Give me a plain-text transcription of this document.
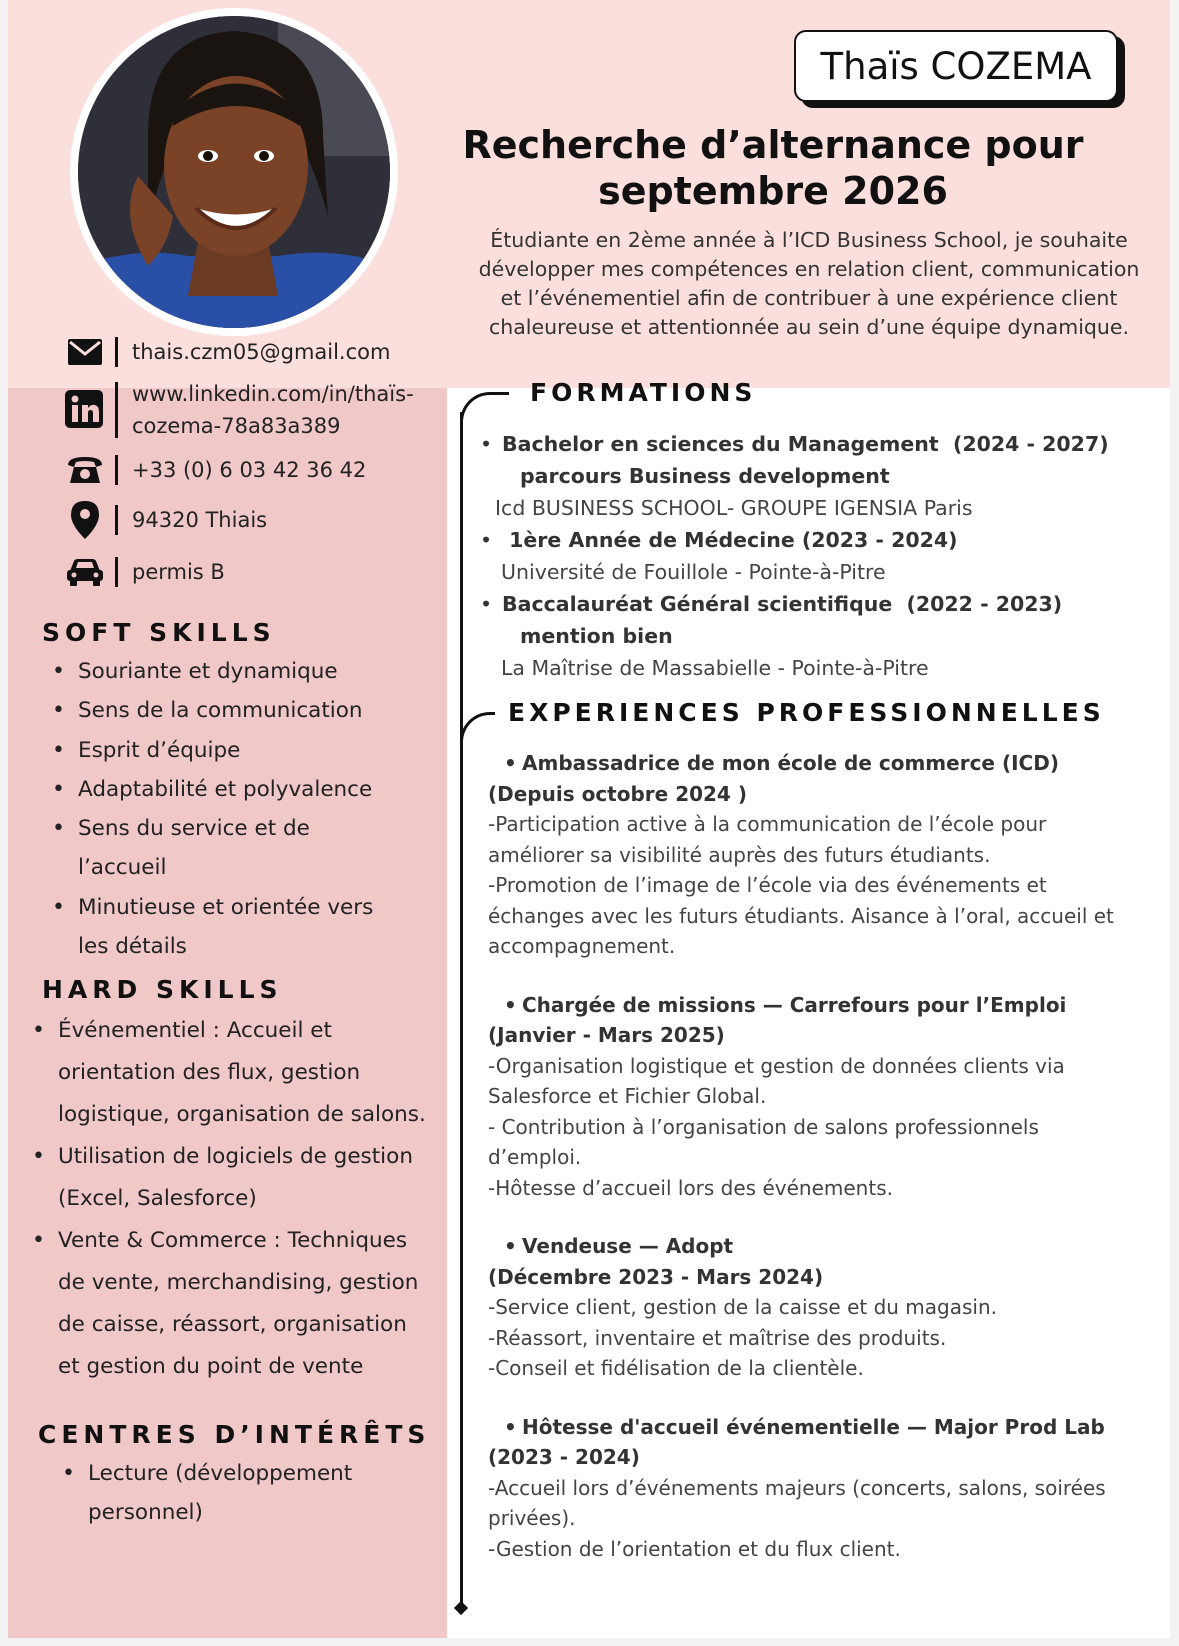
Thaïs COZEMA
Recherche d’alternance pour
septembre 2026
Étudiante en 2ème année à l’ICD Business School, je souhaite développer mes compétences en relation client, communication et l’événementiel afin de contribuer à une expérience client chaleureuse et attentionnée au sein d’une équipe dynamique.
thais.czm05@gmail.com
www.linkedin.com/in/thaïs-
cozema-78a83a389
+33 (0) 6 03 42 36 42
94320 Thiais
permis B
SOFT SKILLS
• Souriante et dynamique
• Sens de la communication
• Esprit d’équipe
• Adaptabilité et polyvalence
• Sens du service et de
l’accueil
• Minutieuse et orientée vers
les détails
HARD SKILLS
• Événementiel : Accueil et
orientation des flux, gestion
logistique, organisation de salons.
• Utilisation de logiciels de gestion
(Excel, Salesforce)
• Vente & Commerce : Techniques
de vente, merchandising, gestion
de caisse, réassort, organisation
et gestion du point de vente
CENTRES D’INTÉRÊTS
• Lecture (développement
personnel)
FORMATIONS
• Bachelor en sciences du Management  (2024 - 2027)
parcours Business development
Icd BUSINESS SCHOOL- GROUPE IGENSIA Paris
• 1ère Année de Médecine (2023 - 2024)
Université de Fouillole - Pointe-à-Pitre
• Baccalauréat Général scientifique  (2022 - 2023)
mention bien
La Maîtrise de Massabielle - Pointe-à-Pitre
EXPERIENCES PROFESSIONNELLES
• Ambassadrice de mon école de commerce (ICD)
(Depuis octobre 2024 )
-Participation active à la communication de l’école pour
améliorer sa visibilité auprès des futurs étudiants.
-Promotion de l’image de l’école via des événements et
échanges avec les futurs étudiants. Aisance à l’oral, accueil et
accompagnement.
• Chargée de missions — Carrefours pour l’Emploi
(Janvier - Mars 2025)
-Organisation logistique et gestion de données clients via
Salesforce et Fichier Global.
- Contribution à l’organisation de salons professionnels
d’emploi.
-Hôtesse d’accueil lors des événements.
• Vendeuse — Adopt
(Décembre 2023 - Mars 2024)
-Service client, gestion de la caisse et du magasin.
-Réassort, inventaire et maîtrise des produits.
-Conseil et fidélisation de la clientèle.
• Hôtesse d'accueil événementielle — Major Prod Lab
(2023 - 2024)
-Accueil lors d’événements majeurs (concerts, salons, soirées
privées).
-Gestion de l’orientation et du flux client.
